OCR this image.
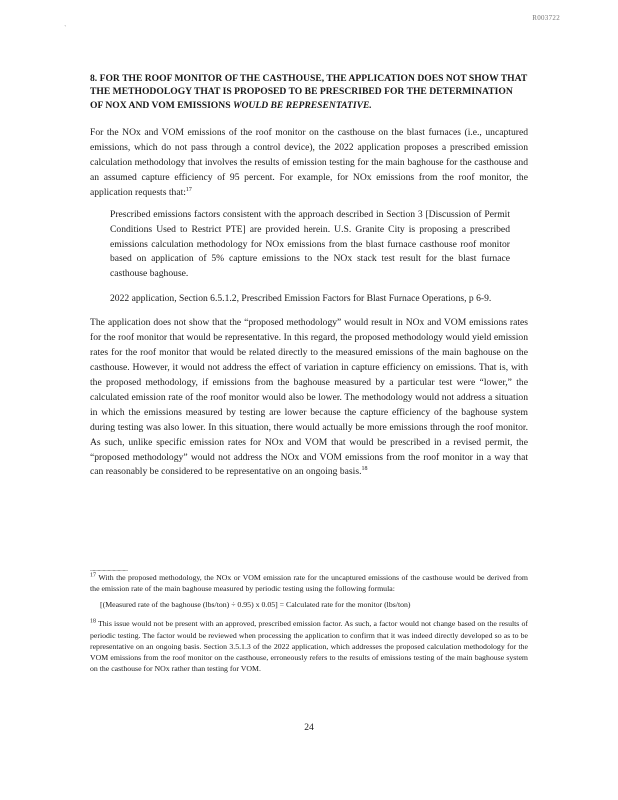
`
R003722

8. FOR THE ROOF MONITOR OF THE CASTHOUSE, THE APPLICATION DOES NOT SHOW THAT THE METHODOLOGY THAT IS PROPOSED TO BE PRESCRIBED FOR THE DETERMINATION OF NOX AND VOM EMISSIONS WOULD BE REPRESENTATIVE.

For the NOx and VOM emissions of the roof monitor on the casthouse on the blast furnaces (i.e., uncaptured emissions, which do not pass through a control device), the 2022 application proposes a prescribed emission calculation methodology that involves the results of emission testing for the main baghouse for the casthouse and an assumed capture efficiency of 95 percent. For example, for NOx emissions from the roof monitor, the application requests that:$^{17}$

Prescribed emissions factors consistent with the approach described in Section 3 [Discussion of Permit Conditions Used to Restrict PTE] are provided herein. U.S. Granite City is proposing a prescribed emissions calculation methodology for NOx emissions from the blast furnace casthouse roof monitor based on application of 5% capture emissions to the NOx stack test result for the blast furnace casthouse baghouse.

2022 application, Section 6.5.1.2, Prescribed Emission Factors for Blast Furnace Operations, p 6-9.

The application does not show that the “proposed methodology” would result in NOx and VOM emissions rates for the roof monitor that would be representative. In this regard, the proposed methodology would yield emission rates for the roof monitor that would be related directly to the measured emissions of the main baghouse on the casthouse. However, it would not address the effect of variation in capture efficiency on emissions. That is, with the proposed methodology, if emissions from the baghouse measured by a particular test were “lower,” the calculated emission rate of the roof monitor would also be lower. The methodology would not address a situation in which the emissions measured by testing are lower because the capture efficiency of the baghouse system during testing was also lower. In this situation, there would actually be more emissions through the roof monitor. As such, unlike specific emission rates for NOx and VOM that would be prescribed in a revised permit, the “proposed methodology” would not address the NOx and VOM emissions from the roof monitor in a way that can reasonably be considered to be representative on an ongoing basis.$^{18}$

..............................

$^{17}$ With the proposed methodology, the NOx or VOM emission rate for the uncaptured emissions of the casthouse would be derived from the emission rate of the main baghouse measured by periodic testing using the following formula:

[(Measured rate of the baghouse (lbs/ton) ÷ 0.95) x 0.05] = Calculated rate for the monitor (lbs/ton)

$^{18}$ This issue would not be present with an approved, prescribed emission factor. As such, a factor would not change based on the results of periodic testing. The factor would be reviewed when processing the application to confirm that it was indeed directly developed so as to be representative on an ongoing basis. Section 3.5.1.3 of the 2022 application, which addresses the proposed calculation methodology for the VOM emissions from the roof monitor on the casthouse, erroneously refers to the results of emissions testing of the main baghouse system on the casthouse for NOx rather than testing for VOM.

24
